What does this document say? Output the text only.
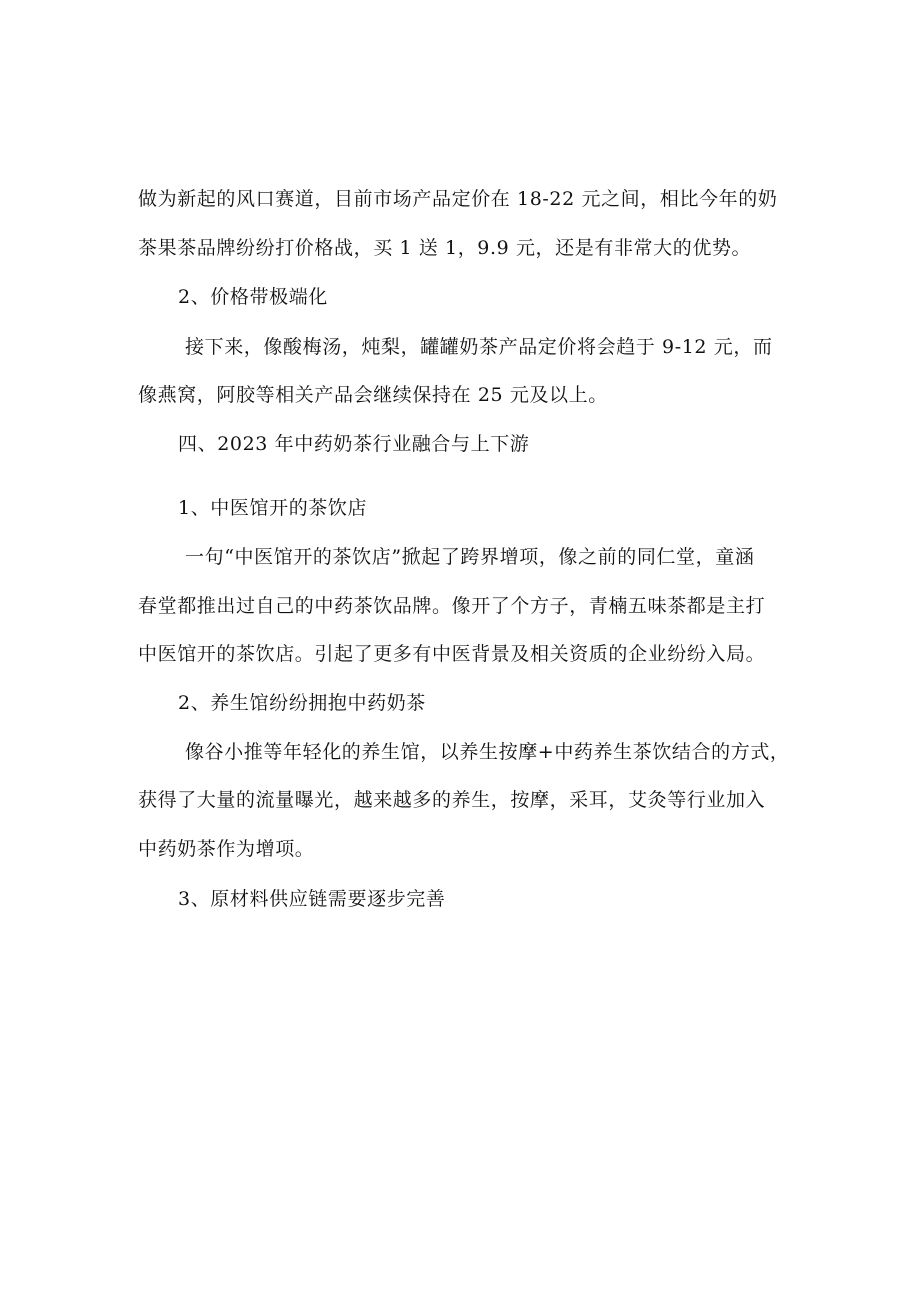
做为新起的风口赛道，目前市场产品定价在 18-22 元之间，相比今年的奶
茶果茶品牌纷纷打价格战，买 1 送 1，9.9 元，还是有非常大的优势。
2、价格带极端化
接下来，像酸梅汤，炖梨，罐罐奶茶产品定价将会趋于 9-12 元，而
像燕窝，阿胶等相关产品会继续保持在 25 元及以上。
四、2023 年中药奶茶行业融合与上下游
1、中医馆开的茶饮店
一句“中医馆开的茶饮店”掀起了跨界增项，像之前的同仁堂，童涵
春堂都推出过自己的中药茶饮品牌。像开了个方子，青楠五味茶都是主打
中医馆开的茶饮店。引起了更多有中医背景及相关资质的企业纷纷入局。
2、养生馆纷纷拥抱中药奶茶
像谷小推等年轻化的养生馆，以养生按摩+中药养生茶饮结合的方式，
获得了大量的流量曝光，越来越多的养生，按摩，采耳，艾灸等行业加入
中药奶茶作为增项。
3、原材料供应链需要逐步完善
